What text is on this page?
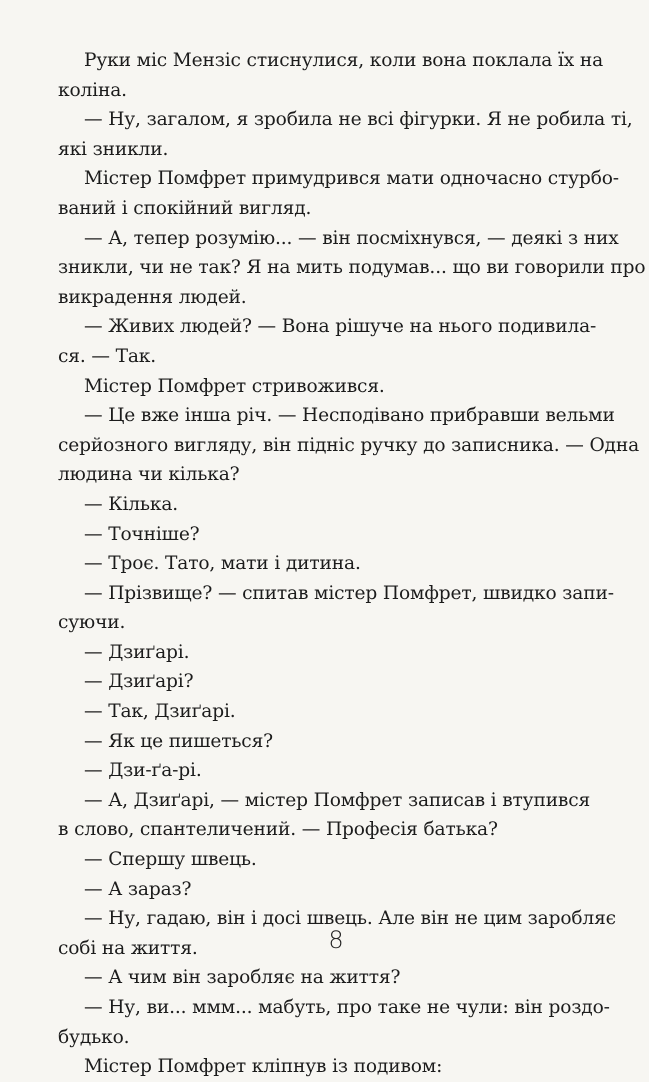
Руки міс Мензіс стиснулися, коли вона поклала їх на
коліна.

— Ну, загалом, я зробила не всі фігурки. Я не робила ті,
які зникли.

Містер Помфрет примудрився мати одночасно стурбо-
ваний і спокійний вигляд.

— А, тепер розумію... — він посміхнувся, — деякі з них
зникли, чи не так? Я на мить подумав... що ви говорили про
викрадення людей.

— Живих людей? — Вона рішуче на нього подивила-
ся. — Так.

Містер Помфрет стривожився.

— Це вже інша річ. — Несподівано прибравши вельми
серйозного вигляду, він підніс ручку до записника. — Одна
людина чи кілька?

— Кілька.

— Точніше?

— Троє. Тато, мати і дитина.

— Прізвище? — спитав містер Помфрет, швидко запи-
суючи.

— Дзиґарі.

— Дзиґарі?

— Так, Дзиґарі.

— Як це пишеться?

— Дзи-ґа-рі.

— А, Дзиґарі, — містер Помфрет записав і втупився
в слово, спантеличений. — Професія батька?

— Спершу швець.

— А зараз?

— Ну, гадаю, він і досі швець. Але він не цим заробляє
собі на життя.

— А чим він заробляє на життя?

— Ну, ви... ммм... мабуть, про таке не чули: він роздо-
будько.

Містер Помфрет кліпнув із подивом:

8
